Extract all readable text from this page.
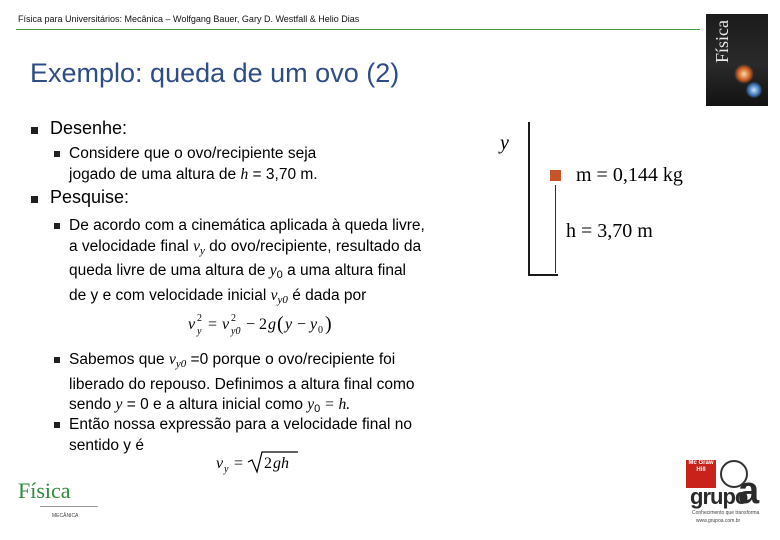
Física para Universitários: Mecânica – Wolfgang Bauer, Gary D. Westfall & Helio Dias
Física
Exemplo: queda de um ovo (2)
Desenhe:
Considere que o ovo/recipiente seja
jogado de uma altura de h = 3,70 m.
Pesquise:
De acordo com a cinemática aplicada à queda livre,
a velocidade final $v_y$ do ovo/recipiente, resultado da
queda livre de uma altura de $y_0$ a uma altura final
de y e com velocidade inicial $v_{y0}$ é dada por
v 2
y = v 2
y0 − 2 g ( y − y 0 )
Sabemos que $v_{y0} =0$ porque o ovo/recipiente foi
liberado do repouso. Definimos a altura final como
sendo y = 0 e a altura inicial como $y_0 = h$.
Então nossa expressão para a velocidade final no
sentido y é
v y = 2 gh
y
m = 0,144 kg
h = 3,70 m
Física
MECÂNICA
Mc Graw Hill
grupo
a
Conhecimento que transforma
www.grupoa.com.br
